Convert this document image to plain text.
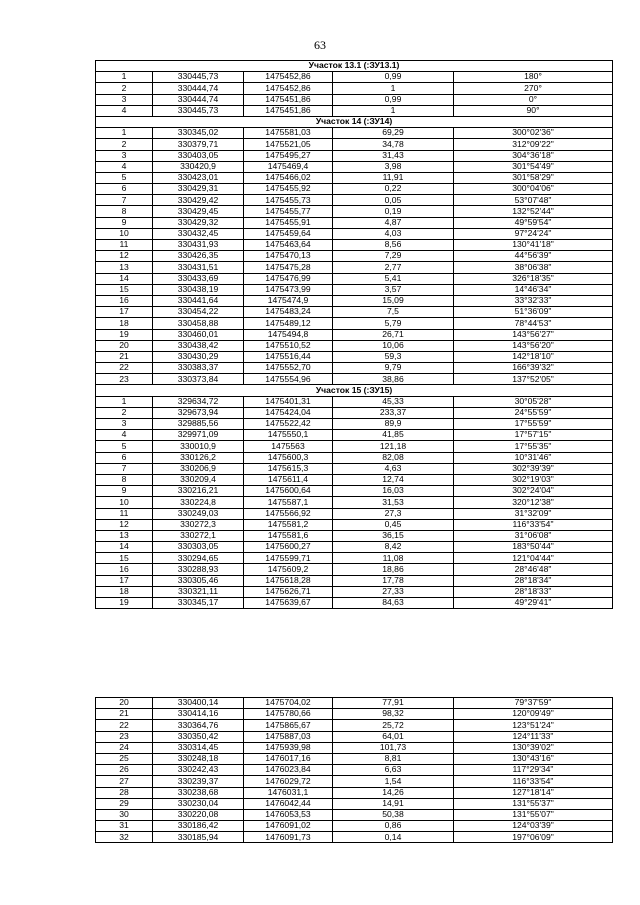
63
Участок 13.1 (:ЗУ13.1)				
1	330445,73	1475452,86	0,99	180°
2	330444,74	1475452,86	1	270°
3	330444,74	1475451,86	0,99	0°
4	330445,73	1475451,86	1	90°
Участок 14 (:ЗУ14)				
1	330345,02	1475581,03	69,29	300°02'36"
2	330379,71	1475521,05	34,78	312°09'22"
3	330403,05	1475495,27	31,43	304°36'18"
4	330420,9	1475469,4	3,98	301°54'49"
5	330423,01	1475466,02	11,91	301°58'29"
6	330429,31	1475455,92	0,22	300°04'06"
7	330429,42	1475455,73	0,05	53°07'48"
8	330429,45	1475455,77	0,19	132°52'44"
9	330429,32	1475455,91	4,87	49°59'54"
10	330432,45	1475459,64	4,03	97°24'24"
11	330431,93	1475463,64	8,56	130°41'18"
12	330426,35	1475470,13	7,29	44°56'39"
13	330431,51	1475475,28	2,77	38°06'38"
14	330433,69	1475476,99	5,41	326°18'35"
15	330438,19	1475473,99	3,57	14°46'34"
16	330441,64	1475474,9	15,09	33°32'33"
17	330454,22	1475483,24	7,5	51°36'09"
18	330458,88	1475489,12	5,79	78°44'53"
19	330460,01	1475494,8	26,71	143°56'27"
20	330438,42	1475510,52	10,06	143°56'20"
21	330430,29	1475516,44	59,3	142°18'10"
22	330383,37	1475552,70	9,79	166°39'32"
23	330373,84	1475554,96	38,86	137°52'05"
Участок 15 (:ЗУ15)				
1	329634,72	1475401,31	45,33	30°05'28"
2	329673,94	1475424,04	233,37	24°55'59"
3	329885,56	1475522,42	89,9	17°55'59"
4	329971,09	1475550,1	41,85	17°57'15"
5	330010,9	1475563	121,18	17°55'35"
6	330126,2	1475600,3	82,08	10°31'46"
7	330206,9	1475615,3	4,63	302°39'39"
8	330209,4	1475611,4	12,74	302°19'03"
9	330216,21	1475600,64	16,03	302°24'04"
10	330224,8	1475587,1	31,53	320°12'38"
11	330249,03	1475566,92	27,3	31°32'09"
12	330272,3	1475581,2	0,45	116°33'54"
13	330272,1	1475581,6	36,15	31°06'08"
14	330303,05	1475600,27	8,42	183°50'44"
15	330294,65	1475599,71	11,08	121°04'44"
16	330288,93	1475609,2	18,86	28°46'48"
17	330305,46	1475618,28	17,78	28°18'34"
18	330321,11	1475626,71	27,33	28°18'33"
19	330345,17	1475639,67	84,63	49°29'41"
20	330400,14	1475704,02	77,91	79°37'59"
21	330414,16	1475780,66	98,32	120°09'49"
22	330364,76	1475865,67	25,72	123°51'24"
23	330350,42	1475887,03	64,01	124°11'33"
24	330314,45	1475939,98	101,73	130°39'02"
25	330248,18	1476017,16	8,81	130°43'16"
26	330242,43	1476023,84	6,63	117°29'34"
27	330239,37	1476029,72	1,54	116°33'54"
28	330238,68	1476031,1	14,26	127°18'14"
29	330230,04	1476042,44	14,91	131°55'37"
30	330220,08	1476053,53	50,38	131°55'07"
31	330186,42	1476091,02	0,86	124°03'39"
32	330185,94	1476091,73	0,14	197°06'09"
